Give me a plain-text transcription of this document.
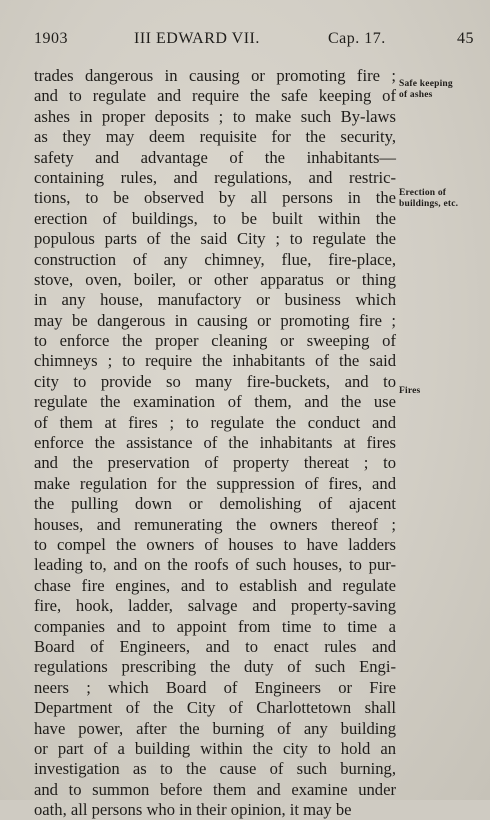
1903	III EDWARD VII.	Cap. 17.	45
trades dangerous in causing or promoting fire ;
and to regulate and require the safe keeping of
ashes in proper deposits ; to make such By-laws
as they may deem requisite for the security,
safety and advantage of the inhabitants—
containing rules, and regulations, and restric-
tions, to be observed by all persons in the
erection of buildings, to be built within the
populous parts of the said City ; to regulate the
construction of any chimney, flue, fire-place,
stove, oven, boiler, or other apparatus or thing
in any house, manufactory or business which
may be dangerous in causing or promoting fire ;
to enforce the proper cleaning or sweeping of
chimneys ; to require the inhabitants of the said
city to provide so many fire-buckets, and to
regulate the examination of them, and the use
of them at fires ; to regulate the conduct and
enforce the assistance of the inhabitants at fires
and the preservation of property thereat ; to
make regulation for the suppression of fires, and
the pulling down or demolishing of ajacent
houses, and remunerating the owners thereof ;
to compel the owners of houses to have ladders
leading to, and on the roofs of such houses, to pur-
chase fire engines, and to establish and regulate
fire, hook, ladder, salvage and property-saving
companies and to appoint from time to time a
Board of Engineers, and to enact rules and
regulations prescribing the duty of such Engi-
neers ; which Board of Engineers or Fire
Department of the City of Charlottetown shall
have power, after the burning of any building
or part of a building within the city to hold an
investigation as to the cause of such burning,
and to summon before them and examine under
oath, all persons who in their opinion, it may be
Safe keeping
of ashes
Erection of
buildings, etc.
Fires
